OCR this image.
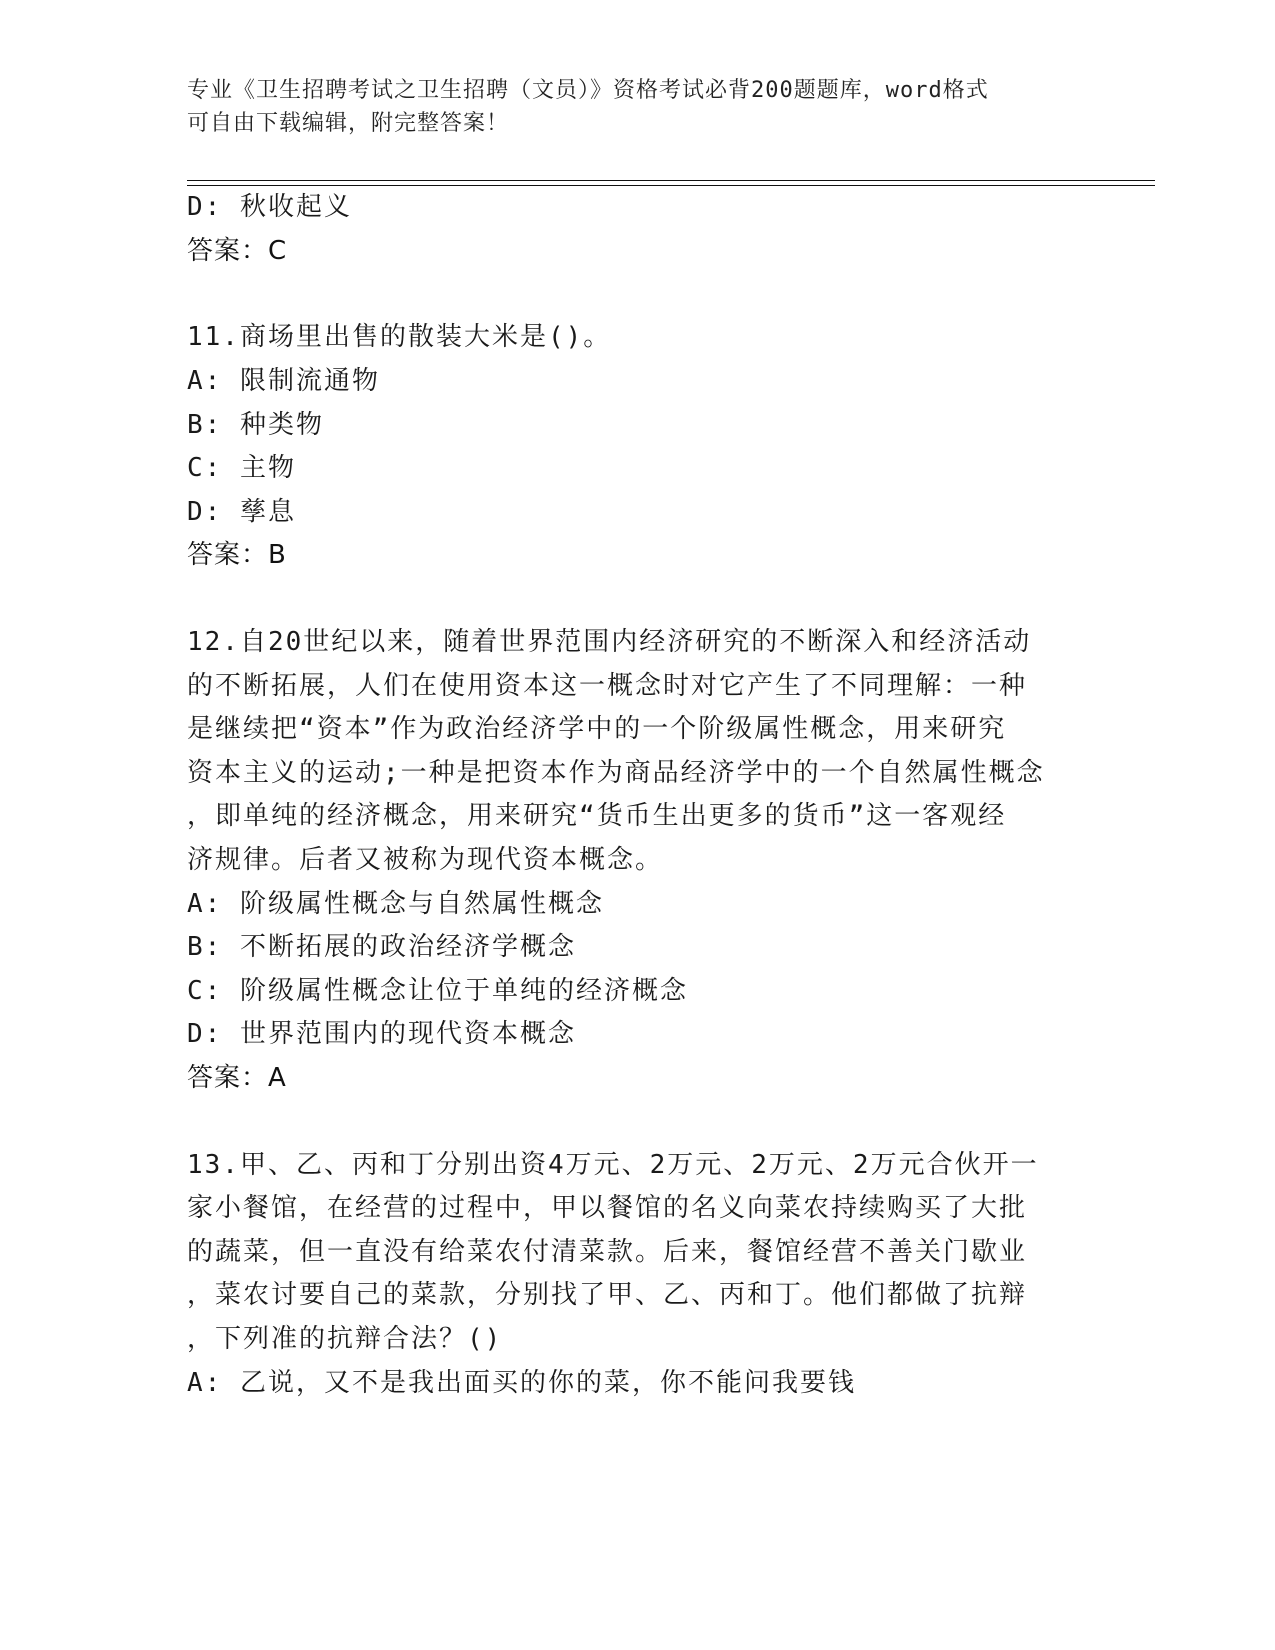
专业《卫生招聘考试之卫生招聘（文员）》资格考试必背200题题库，word格式
可自由下载编辑，附完整答案！
D: 秋收起义
答案：C
11.商场里出售的散装大米是()。
A: 限制流通物
B: 种类物
C: 主物
D: 孳息
答案：B
12.自20世纪以来，随着世界范围内经济研究的不断深入和经济活动
的不断拓展，人们在使用资本这一概念时对它产生了不同理解：一种
是继续把“资本”作为政治经济学中的一个阶级属性概念，用来研究
资本主义的运动;一种是把资本作为商品经济学中的一个自然属性概念
，即单纯的经济概念，用来研究“货币生出更多的货币”这一客观经
济规律。后者又被称为现代资本概念。
A: 阶级属性概念与自然属性概念
B: 不断拓展的政治经济学概念
C: 阶级属性概念让位于单纯的经济概念
D: 世界范围内的现代资本概念
答案：A
13.甲、乙、丙和丁分别出资4万元、2万元、2万元、2万元合伙开一
家小餐馆，在经营的过程中，甲以餐馆的名义向菜农持续购买了大批
的蔬菜，但一直没有给菜农付清菜款。后来，餐馆经营不善关门歇业
，菜农讨要自己的菜款，分别找了甲、乙、丙和丁。他们都做了抗辩
，下列准的抗辩合法？()
A: 乙说，又不是我出面买的你的菜，你不能问我要钱
